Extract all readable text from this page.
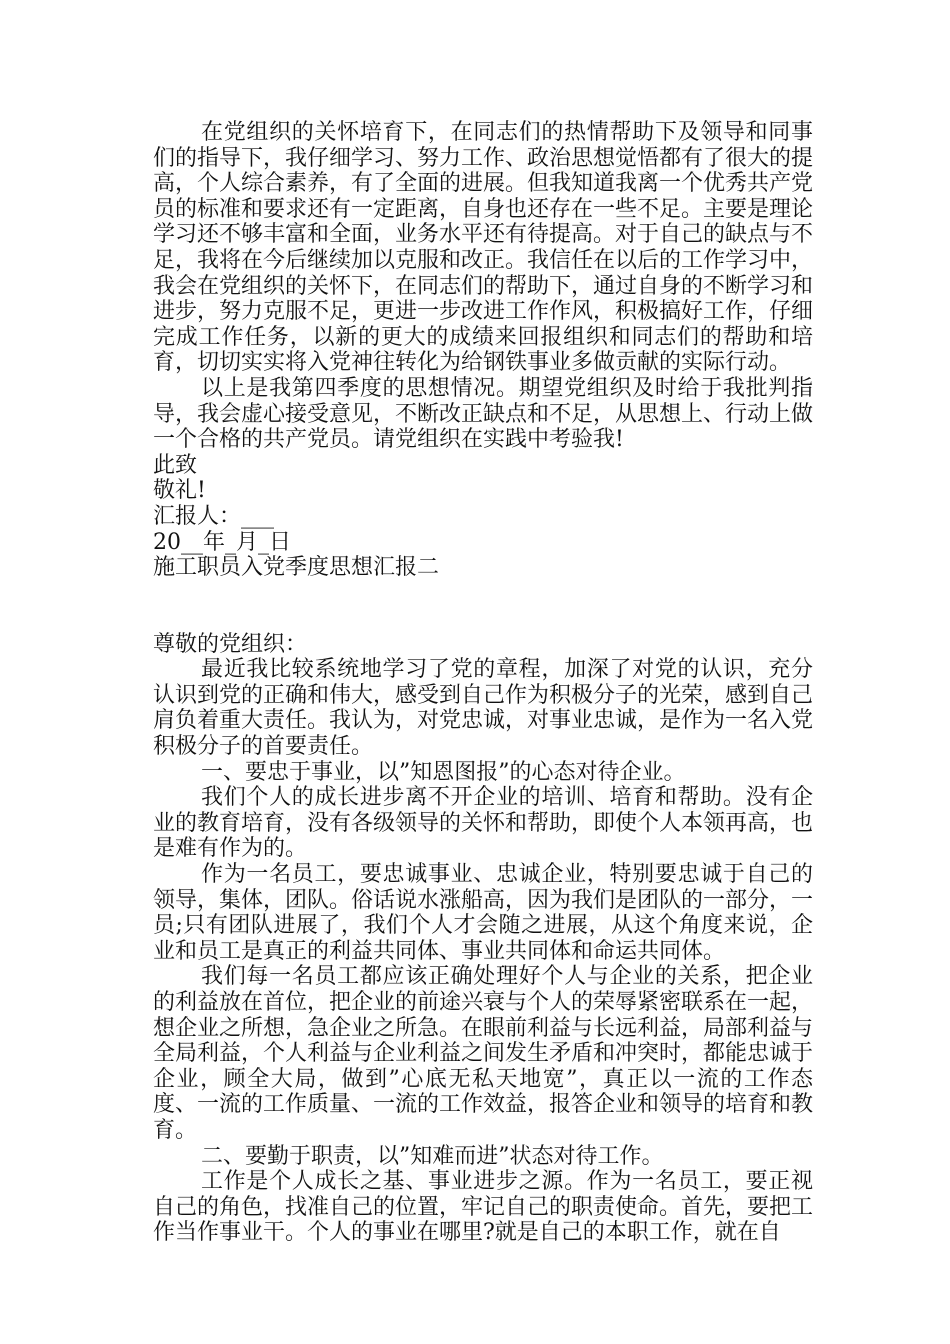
在党组织的关怀培育下，在同志们的热情帮助下及领导和同事们的指导下，我仔细学习、努力工作、政治思想觉悟都有了很大的提高，个人综合素养，有了全面的进展。但我知道我离一个优秀共产党员的标准和要求还有一定距离，自身也还存在一些不足。主要是理论学习还不够丰富和全面，业务水平还有待提高。对于自己的缺点与不足，我将在今后继续加以克服和改正。我信任在以后的工作学习中，我会在党组织的关怀下，在同志们的帮助下，通过自身的不断学习和进步，努力克服不足，更进一步改进工作作风，积极搞好工作，仔细完成工作任务，以新的更大的成绩来回报组织和同志们的帮助和培育，切切实实将入党神往转化为给钢铁事业多做贡献的实际行动。

以上是我第四季度的思想情况。期望党组织及时给于我批判指导，我会虚心接受意见，不断改正缺点和不足，从思想上、行动上做一个合格的共产党员。请党组织在实践中考验我!

此致

敬礼!

汇报人：___

20__年_月_日

施工职员入党季度思想汇报二

尊敬的党组织：

最近我比较系统地学习了党的章程，加深了对党的认识，充分认识到党的正确和伟大，感受到自己作为积极分子的光荣，感到自己肩负着重大责任。我认为，对党忠诚，对事业忠诚，是作为一名入党积极分子的首要责任。

一、要忠于事业，以”知恩图报”的心态对待企业。

我们个人的成长进步离不开企业的培训、培育和帮助。没有企业的教育培育，没有各级领导的关怀和帮助，即使个人本领再高，也是难有作为的。

作为一名员工，要忠诚事业、忠诚企业，特别要忠诚于自己的领导，集体，团队。俗话说水涨船高，因为我们是团队的一部分，一员;只有团队进展了，我们个人才会随之进展，从这个角度来说，企业和员工是真正的利益共同体、事业共同体和命运共同体。

我们每一名员工都应该正确处理好个人与企业的关系，把企业的利益放在首位，把企业的前途兴衰与个人的荣辱紧密联系在一起，想企业之所想，急企业之所急。在眼前利益与长远利益，局部利益与全局利益，个人利益与企业利益之间发生矛盾和冲突时，都能忠诚于企业，顾全大局，做到”心底无私天地宽”，真正以一流的工作态度、一流的工作质量、一流的工作效益，报答企业和领导的培育和教育。

二、要勤于职责，以”知难而进”状态对待工作。

工作是个人成长之基、事业进步之源。作为一名员工，要正视自己的角色，找准自己的位置，牢记自己的职责使命。首先，要把工作当作事业干。个人的事业在哪里?就是自己的本职工作，就在自
